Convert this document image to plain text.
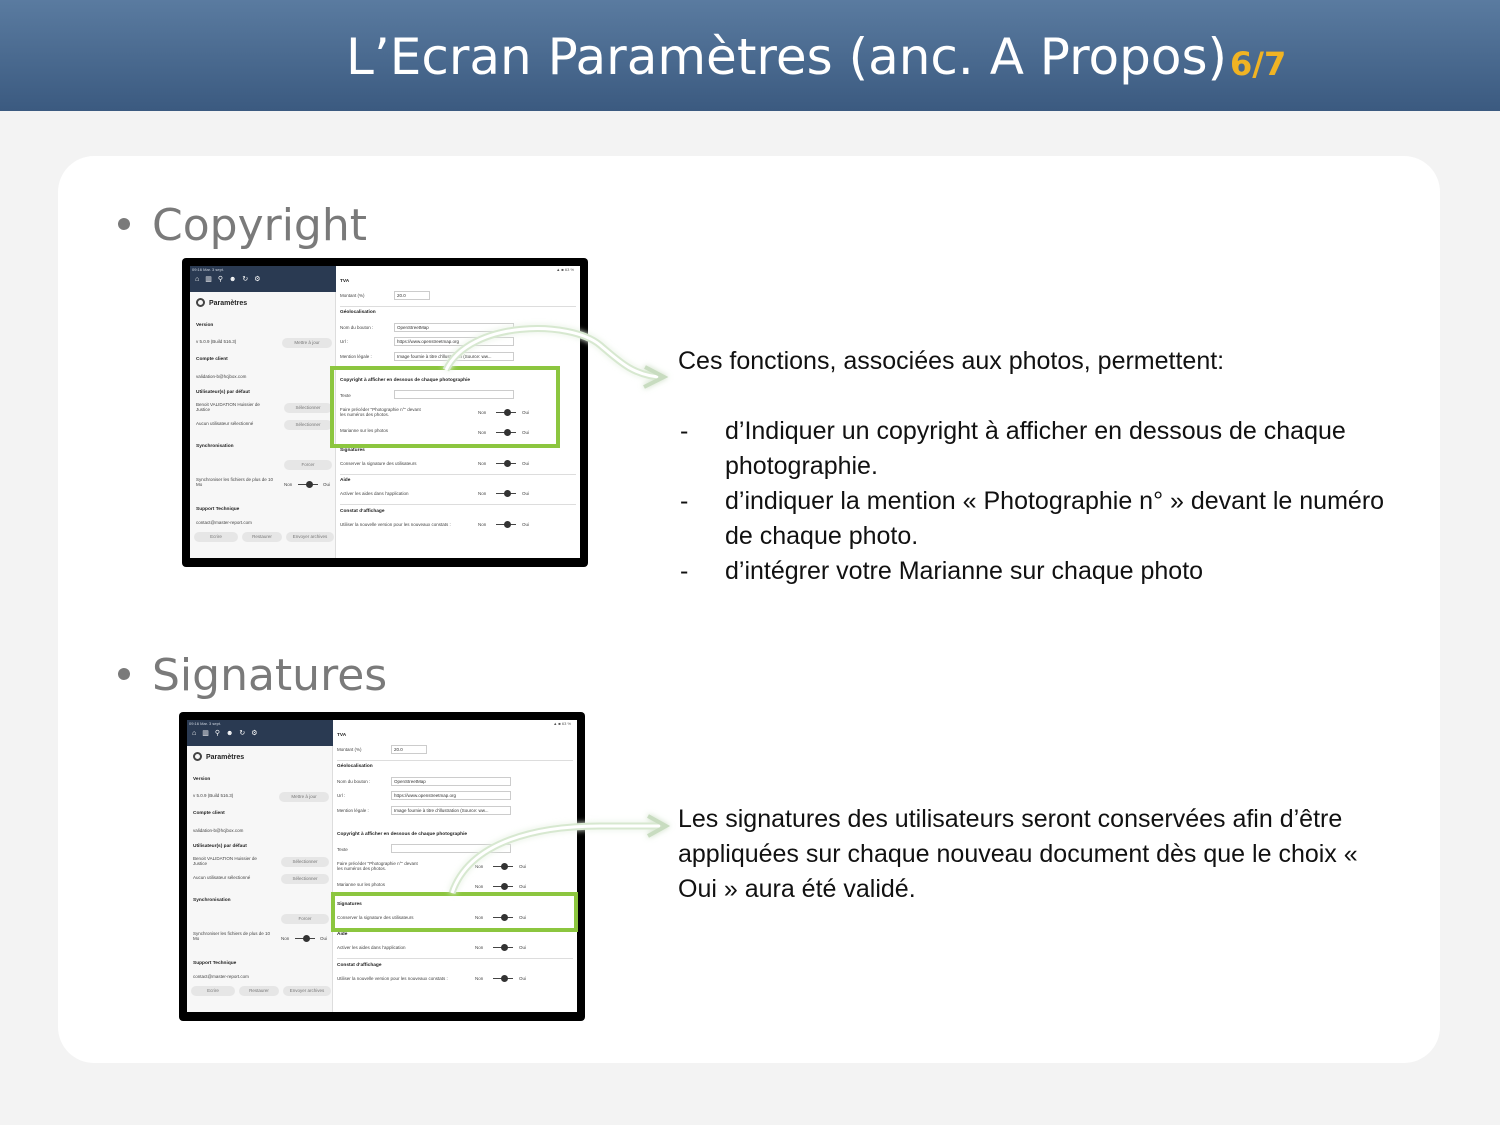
L’Ecran Paramètres (anc. A Propos) 6/7
Copyright
Signatures
Ces fonctions, associées aux photos, permettent:
- d’Indiquer un copyright à afficher en dessous de chaque photographie.
- d’indiquer la mention « Photographie n° » devant le numéro de chaque photo.
- d’intégrer votre Marianne sur chaque photo
Les signatures des utilisateurs seront conservées afin d’être appliquées sur chaque nouveau document dès que le choix « Oui » aura été validé.
09:16 Mar. 3 sept.
⌂▥⚲☻↻⚙
▲ ■ 63 %
Paramètres
Version
v 5.0.9 (Build 516.3)	Mettre à jour
Compte client
validation-b@hcjbox.com
Utilisateur(s) par défaut
Benoit VALIDATION Huissier de Justice	Sélectionner
Aucun utilisateur sélectionné	Sélectionner
Synchronisation
Forcer
Synchroniser les fichiers de plus de 10 Mo	Non	Oui
Support Technique
contact@master-report.com
Ecrire	Restaurer	Envoyer archives
TVA
Montant (%)	20.0
Géolocalisation
Nom du bouton :	OpenStreetMap
Url :	https://www.openstreetmap.org
Mention légale :	Image fournie à titre d’illustration (Source: ww...
Copyright à afficher en dessous de chaque photographie
Texte
Faire précéder "Photographie n°" devant les numéros des photos.	Non	Oui
Marianne sur les photos	Non	Oui
Signatures
Conserver la signature des utilisateurs	Non	Oui
Aide
Activer les aides dans l’application	Non	Oui
Constat d’affichage
Utiliser la nouvelle version pour les nouveaux constats :	Non	Oui
09:16 Mar. 3 sept.
⌂▥⚲☻↻⚙
▲ ■ 63 %
Paramètres
Version
v 5.0.9 (Build 516.3)	Mettre à jour
Compte client
validation-b@hcjbox.com
Utilisateur(s) par défaut
Benoit VALIDATION Huissier de Justice	Sélectionner
Aucun utilisateur sélectionné	Sélectionner
Synchronisation
Forcer
Synchroniser les fichiers de plus de 10 Mo	Non	Oui
Support Technique
contact@master-report.com
Ecrire	Restaurer	Envoyer archives
TVA
Montant (%)	20.0
Géolocalisation
Nom du bouton :	OpenStreetMap
Url :	https://www.openstreetmap.org
Mention légale :	Image fournie à titre d’illustration (Source: ww...
Copyright à afficher en dessous de chaque photographie
Texte
Faire précéder "Photographie n°" devant les numéros des photos.	Non	Oui
Marianne sur les photos	Non	Oui
Signatures
Conserver la signature des utilisateurs	Non	Oui
Aide
Activer les aides dans l’application	Non	Oui
Constat d’affichage
Utiliser la nouvelle version pour les nouveaux constats :	Non	Oui
